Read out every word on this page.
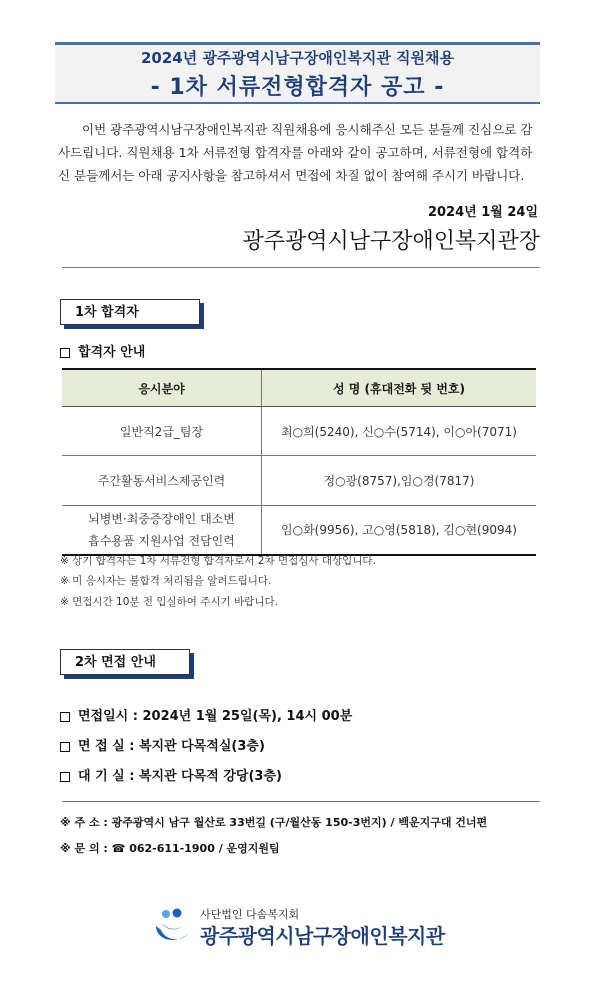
2024년 광주광역시남구장애인복지관 직원채용
- 1차 서류전형합격자 공고 -
이번 광주광역시남구장애인복지관 직원채용에 응시해주신 모든 분들께 진심으로 감사드립니다. 직원채용 1차 서류전형 합격자를 아래와 같이 공고하며, 서류전형에 합격하신 분들께서는 아래 공지사항을 참고하셔서 면접에 차질 없이 참여해 주시기 바랍니다.
2024년 1월 24일
광주광역시남구장애인복지관장
1차 합격자
합격자 안내
응시분야	성 명 (휴대전화 뒷 번호)
일반직2급_팀장	최○희(5240), 신○수(5714), 이○아(7071)
주간활동서비스제공인력	정○광(8757),임○경(7817)

뇌병변·최중증장애인 대소변
흡수용품 지원사업 전담인력	임○화(9956), 고○영(5818), 김○현(9094)
※ 상기 합격자는 1차 서류전형 합격자로서 2차 면접심사 대상입니다.
※ 미 응시자는 불합격 처리됨을 알려드립니다.
※ 면접시간 10분 전 입실하여 주시기 바랍니다.
2차 면접 안내
면접일시 : 2024년 1월 25일(목), 14시 00분
면 접 실 : 복지관 다목적실(3층)
대 기 실 : 복지관 다목적 강당(3층)
※ 주 소 : 광주광역시 남구 월산로 33번길 (구/월산동 150-3번지) / 백운지구대 건너편
※ 문 의 : ☎ 062-611-1900 / 운영지원팀
사단법인 다솜복지회
광주광역시남구장애인복지관
